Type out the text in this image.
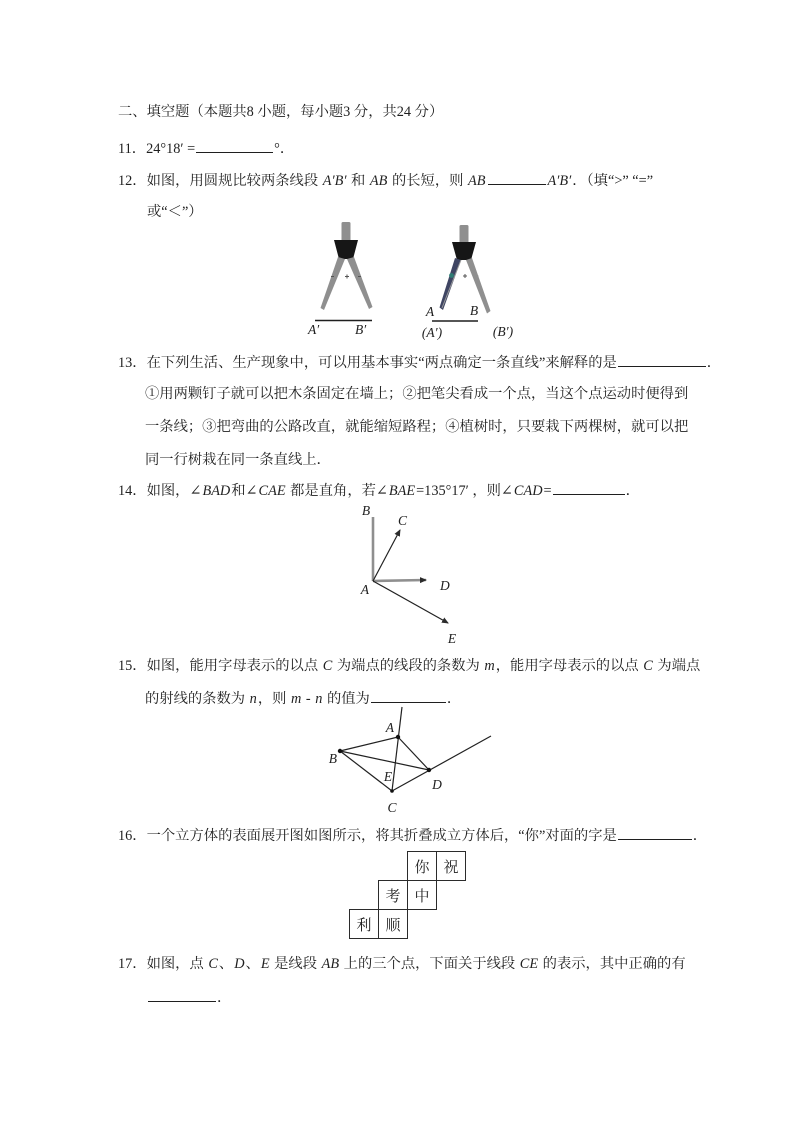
二、填空题（本题共8 小题，每小题3 分，共24 分）
11．24°18′ =	°．
12．如图，用圆规比较两条线段 A′B′ 和 AB 的长短，则 AB	A′B′．（填“>” “=”
或“＜”）
A′	B′
A	B
(A′)	(B′)
13．在下列生活、生产现象中，可以用基本事实“两点确定一条直线”来解释的是	．
①用两颗钉子就可以把木条固定在墙上；②把笔尖看成一个点，当这个点运动时便得到
一条线；③把弯曲的公路改直，就能缩短路程；④植树时，只要栽下两棵树，就可以把
同一行树栽在同一条直线上．
14．如图，∠BAD和∠CAE 都是直角，若∠BAE=135°17′ ，则∠CAD=	．
A
B
C
D
E
15．如图，能用字母表示的以点 C 为端点的线段的条数为 m，能用字母表示的以点 C 为端点
的射线的条数为 n，则 m - n 的值为	．
A
B
E
D
C
16．一个立方体的表面展开图如图所示，将其折叠成立方体后，“你”对面的字是	．
你 祝
考 中
利 顺
17．如图，点 C、D、E 是线段 AB 上的三个点，下面关于线段 CE 的表示，其中正确的有
．
